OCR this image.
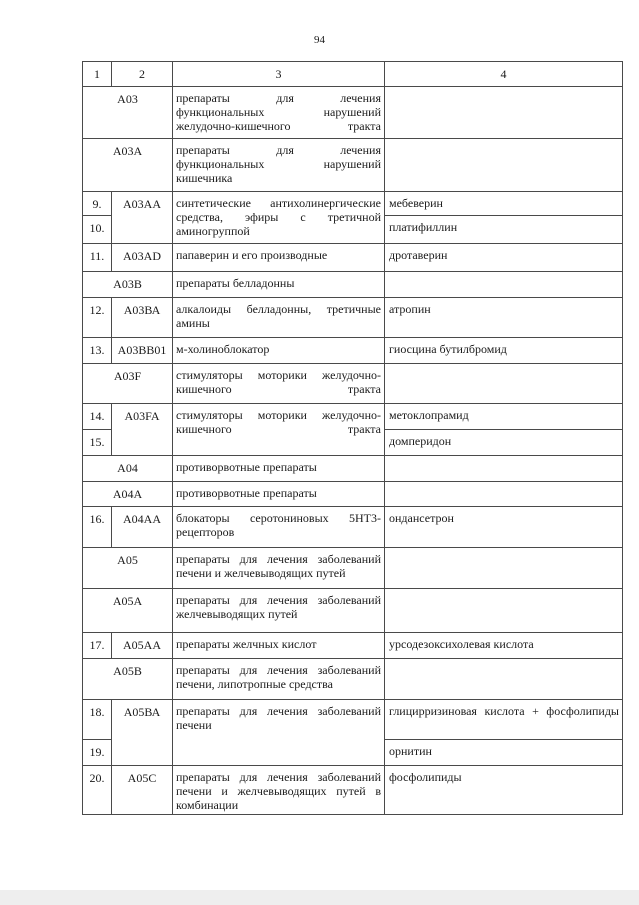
94
1	2	3	4
А03		препараты для лечения функциональных нарушений желудочно-кишечного тракта	
А03А		препараты для лечения функциональных нарушений кишечника	
9.	А03АА	синтетические антихолинергические средства, эфиры с третичной аминогруппой	мебеверин
10.			платифиллин
11.	А03AD	папаверин и его производные	дротаверин
А03В		препараты белладонны	
12.	А03ВА	алкалоиды белладонны, третичные амины	атропин
13.	А03ВВ01	м-холиноблокатор	гиосцина бутилбромид
А03F		стимуляторы моторики желудочно-кишечного тракта	
14.	A03FA	стимуляторы моторики желудочно-кишечного тракта	метоклопрамид
15.			домперидон
А04		противорвотные препараты	
А04А		противорвотные препараты	
16.	А04АА	блокаторы серотониновых 5НТ3-рецепторов	ондансетрон
А05		препараты для лечения заболеваний печени и желчевыводящих путей	
А05А		препараты для лечения заболеваний желчевыводящих путей	
17.	А05АА	препараты желчных кислот	урсодезоксихолевая кислота
А05В		препараты для лечения заболеваний печени, липотропные средства	
18.	А05ВА	препараты для лечения заболеваний печени	глицирризиновая кислота + фосфолипиды
19.			орнитин
20.	А05С	препараты для лечения заболеваний печени и желчевыводящих путей в комбинации	фосфолипиды
